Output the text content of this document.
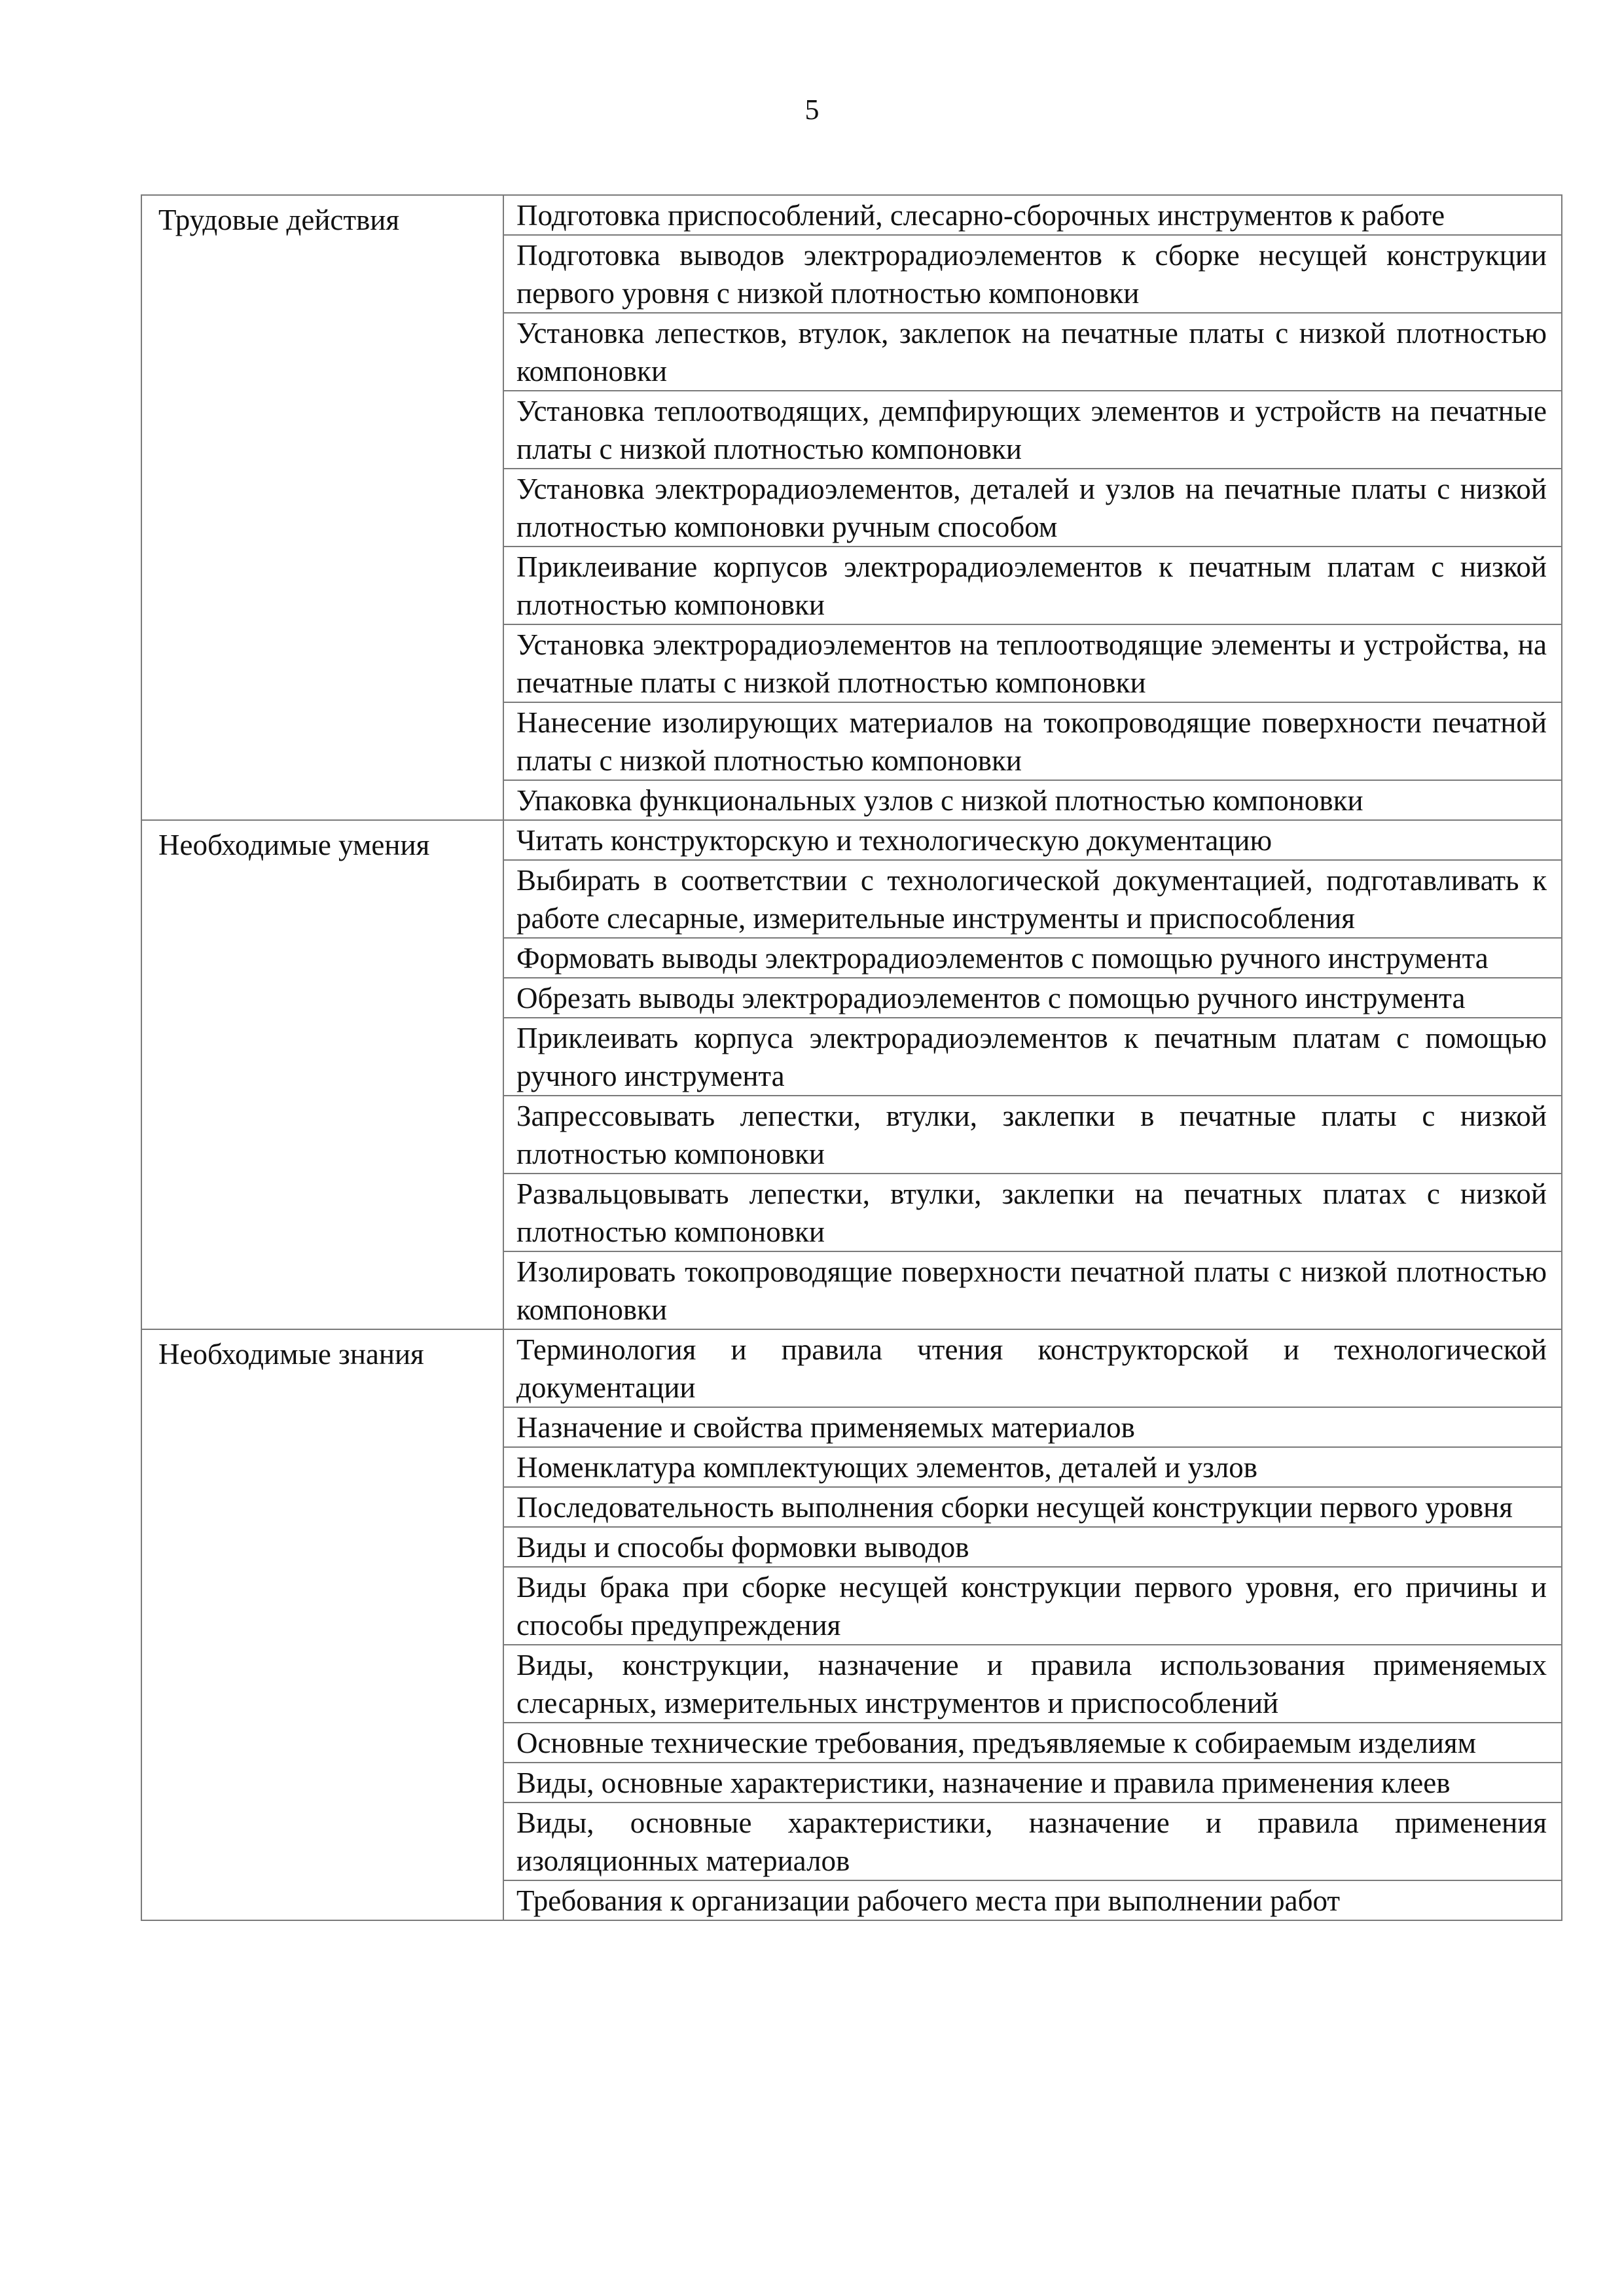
5
Трудовые действия	Подготовка приспособлений, слесарно-сборочных инструментов к работе
	Подготовка выводов электрорадиоэлементов к сборке несущей конструкции первого уровня с низкой плотностью компоновки
	Установка лепестков, втулок, заклепок на печатные платы с низкой плотностью компоновки
	Установка теплоотводящих, демпфирующих элементов и устройств на печатные платы с низкой плотностью компоновки
	Установка электрорадиоэлементов, деталей и узлов на печатные платы с низкой плотностью компоновки ручным способом
	Приклеивание корпусов электрорадиоэлементов к печатным платам с низкой плотностью компоновки
	Установка электрорадиоэлементов на теплоотводящие элементы и устройства, на печатные платы с низкой плотностью компоновки
	Нанесение изолирующих материалов на токопроводящие поверхности печатной платы с низкой плотностью компоновки
	Упаковка функциональных узлов с низкой плотностью компоновки
Необходимые умения	Читать конструкторскую и технологическую документацию
	Выбирать в соответствии с технологической документацией, подготавливать к работе слесарные, измерительные инструменты и приспособления
	Формовать выводы электрорадиоэлементов с помощью ручного инструмента
	Обрезать выводы электрорадиоэлементов с помощью ручного инструмента
	Приклеивать корпуса электрорадиоэлементов к печатным платам с помощью ручного инструмента
	Запрессовывать лепестки, втулки, заклепки в печатные платы с низкой плотностью компоновки
	Развальцовывать лепестки, втулки, заклепки на печатных платах с низкой плотностью компоновки
	Изолировать токопроводящие поверхности печатной платы с низкой плотностью компоновки
Необходимые знания	Терминология и правила чтения конструкторской и технологической документации
	Назначение и свойства применяемых материалов
	Номенклатура комплектующих элементов, деталей и узлов
	Последовательность выполнения сборки несущей конструкции первого уровня
	Виды и способы формовки выводов
	Виды брака при сборке несущей конструкции первого уровня, его причины и способы предупреждения
	Виды, конструкции, назначение и правила использования применяемых слесарных, измерительных инструментов и приспособлений
	Основные технические требования, предъявляемые к собираемым изделиям
	Виды, основные характеристики, назначение и правила применения клеев
	Виды, основные характеристики, назначение и правила применения изоляционных материалов
	Требования к организации рабочего места при выполнении работ
